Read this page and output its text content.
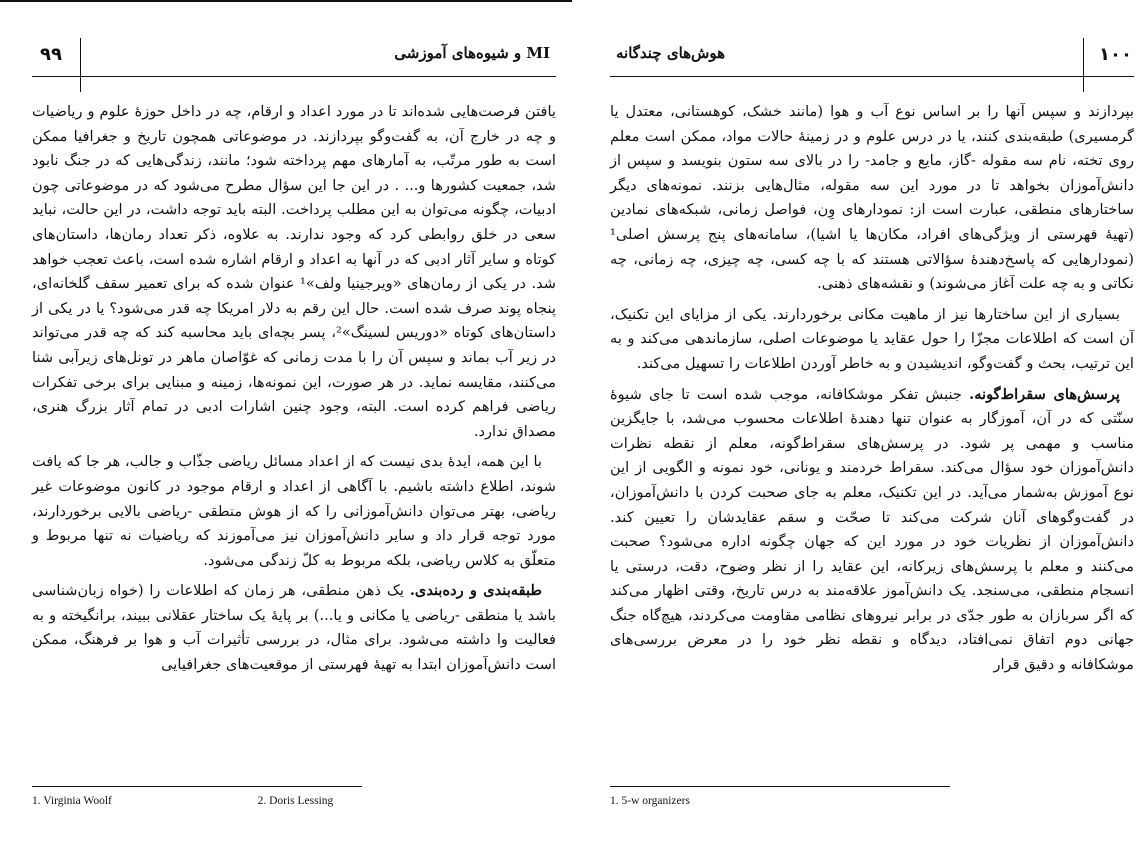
۹۹	MI و شیوه‌های آموزشی

یافتن فرصت‌هایی شده‌اند تا در مورد اعداد و ارقام، چه در داخل حوزهٔ علوم و ریاضیات و چه در خارج آن، به گفت‌وگو بپردازند. در موضوعاتی همچون تاریخ و جغرافیا ممکن است به طور مرتّب، به آمارهای مهم پرداخته شود؛ مانند، زندگی‌هایی که در جنگ نابود شد، جمعیت کشورها و... . در این جا این سؤال مطرح می‌شود که در موضوعاتی چون ادبیات، چگونه می‌توان به این مطلب پرداخت. البته باید توجه داشت، در این حالت، نباید سعی در خلق روابطی کرد که وجود ندارند. به علاوه، ذکر تعداد رمان‌ها، داستان‌های کوتاه و سایر آثار ادبی که در آنها به اعداد و ارقام اشاره شده است، باعث تعجب خواهد شد. در یکی از رمان‌های «ویرجینیا ولف»¹ عنوان شده که برای تعمیر سقف گلخانه‌ای، پنجاه پوند صرف شده است. حال این رقم به دلار امریکا چه قدر می‌شود؟ یا در یکی از داستان‌های کوتاه «دوریس لسینگ»²، پسر بچه‌ای باید محاسبه کند که چه قدر می‌تواند در زیر آب بماند و سپس آن را با مدت زمانی که غوّاصان ماهر در تونل‌های زیرآبی شنا می‌کنند، مقایسه نماید. در هر صورت، این نمونه‌ها، زمینه و مبنایی برای برخی تفکرات ریاضی فراهم کرده است. البته، وجود چنین اشارات ادبی در تمام آثار بزرگ هنری، مصداق ندارد.

با این همه، ایدهٔ بدی نیست که از اعداد مسائل ریاضی جذّاب و جالب، هر جا که یافت شوند، اطلاع داشته باشیم. با آگاهی از اعداد و ارقام موجود در کانون موضوعات غیر ریاضی، بهتر می‌توان دانش‌آموزانی را که از هوش منطقی -ریاضی بالایی برخوردارند، مورد توجه قرار داد و سایر دانش‌آموزان نیز می‌آموزند که ریاضیات نه تنها مربوط و متعلّق به کلاس ریاضی، بلکه مربوط به کلّ زندگی می‌شود.

طبقه‌بندی و رده‌بندی. یک ذهن منطقی، هر زمان که اطلاعات را (خواه زبان‌شناسی باشد یا منطقی -ریاضی یا مکانی و یا...) بر پایهٔ یک ساختار عقلانی ببیند، برانگیخته و به فعالیت وا داشته می‌شود. برای مثال، در بررسی تأثیرات آب و هوا بر فرهنگ، ممکن است دانش‌آموزان ابتدا به تهیهٔ فهرستی از موقعیت‌های جغرافیایی

1. Virginia Woolf	2. Doris Lessing
هوش‌های چندگانه	۱۰۰

بپردازند و سپس آنها را بر اساس نوع آب و هوا (مانند خشک، کوهستانی، معتدل یا گرمسیری) طبقه‌بندی کنند، یا در درس علوم و در زمینهٔ حالات مواد، ممکن است معلم روی تخته، نام سه مقوله -گاز، مایع و جامد- را در بالای سه ستون بنویسد و سپس از دانش‌آموزان بخواهد تا در مورد این سه مقوله، مثال‌هایی بزنند. نمونه‌های دیگر ساختارهای منطقی، عبارت است از: نمودارهای وِن، فواصل زمانی، شبکه‌های نمادین (تهیهٔ فهرستی از ویژگی‌های افراد، مکان‌ها یا اشیا)، سامانه‌های پنج پرسش اصلی¹ (نمودارهایی که پاسخ‌دهندهٔ سؤالاتی هستند که با چه کسی، چه چیزی، چه زمانی، چه نکاتی و به چه علت آغاز می‌شوند) و نقشه‌های ذهنی.

بسیاری از این ساختارها نیز از ماهیت مکانی برخوردارند. یکی از مزایای این تکنیک، آن است که اطلاعات مجزّا را حول عقاید یا موضوعات اصلی، سازماندهی می‌کند و به این ترتیب، بحث و گفت‌وگو، اندیشیدن و به خاطر آوردن اطلاعات را تسهیل می‌کند.

پرسش‌های سقراط‌گونه. جنبش تفکر موشکافانه، موجب شده است تا جای شیوهٔ سنّتی که در آن، آموزگار به عنوان تنها دهندهٔ اطلاعات محسوب می‌شد، با جایگزین مناسب و مهمی پر شود. در پرسش‌های سقراط‌گونه، معلم از نقطه نظرات دانش‌آموزان خود سؤال می‌کند. سقراط خردمند و یونانی، خود نمونه و الگویی از این نوع آموزش به‌شمار می‌آید. در این تکنیک، معلم به جای صحبت کردن با دانش‌آموزان، در گفت‌وگوهای آنان شرکت می‌کند تا صحّت و سقم عقایدشان را تعیین کند. دانش‌آموزان از نظریات خود در مورد این که جهان چگونه اداره می‌شود؟ صحبت می‌کنند و معلم با پرسش‌های زیرکانه، این عقاید را از نظر وضوح، دقت، درستی یا انسجام منطقی، می‌سنجد. یک دانش‌آموز علاقه‌مند به درس تاریخ، وقتی اظهار می‌کند که اگر سربازان به طور جدّی در برابر نیروهای نظامی مقاومت می‌کردند، هیچ‌گاه جنگ جهانی دوم اتفاق نمی‌افتاد، دیدگاه و نقطه نظر خود را در معرض بررسی‌های موشکافانه و دقیق قرار

1. 5-w organizers
